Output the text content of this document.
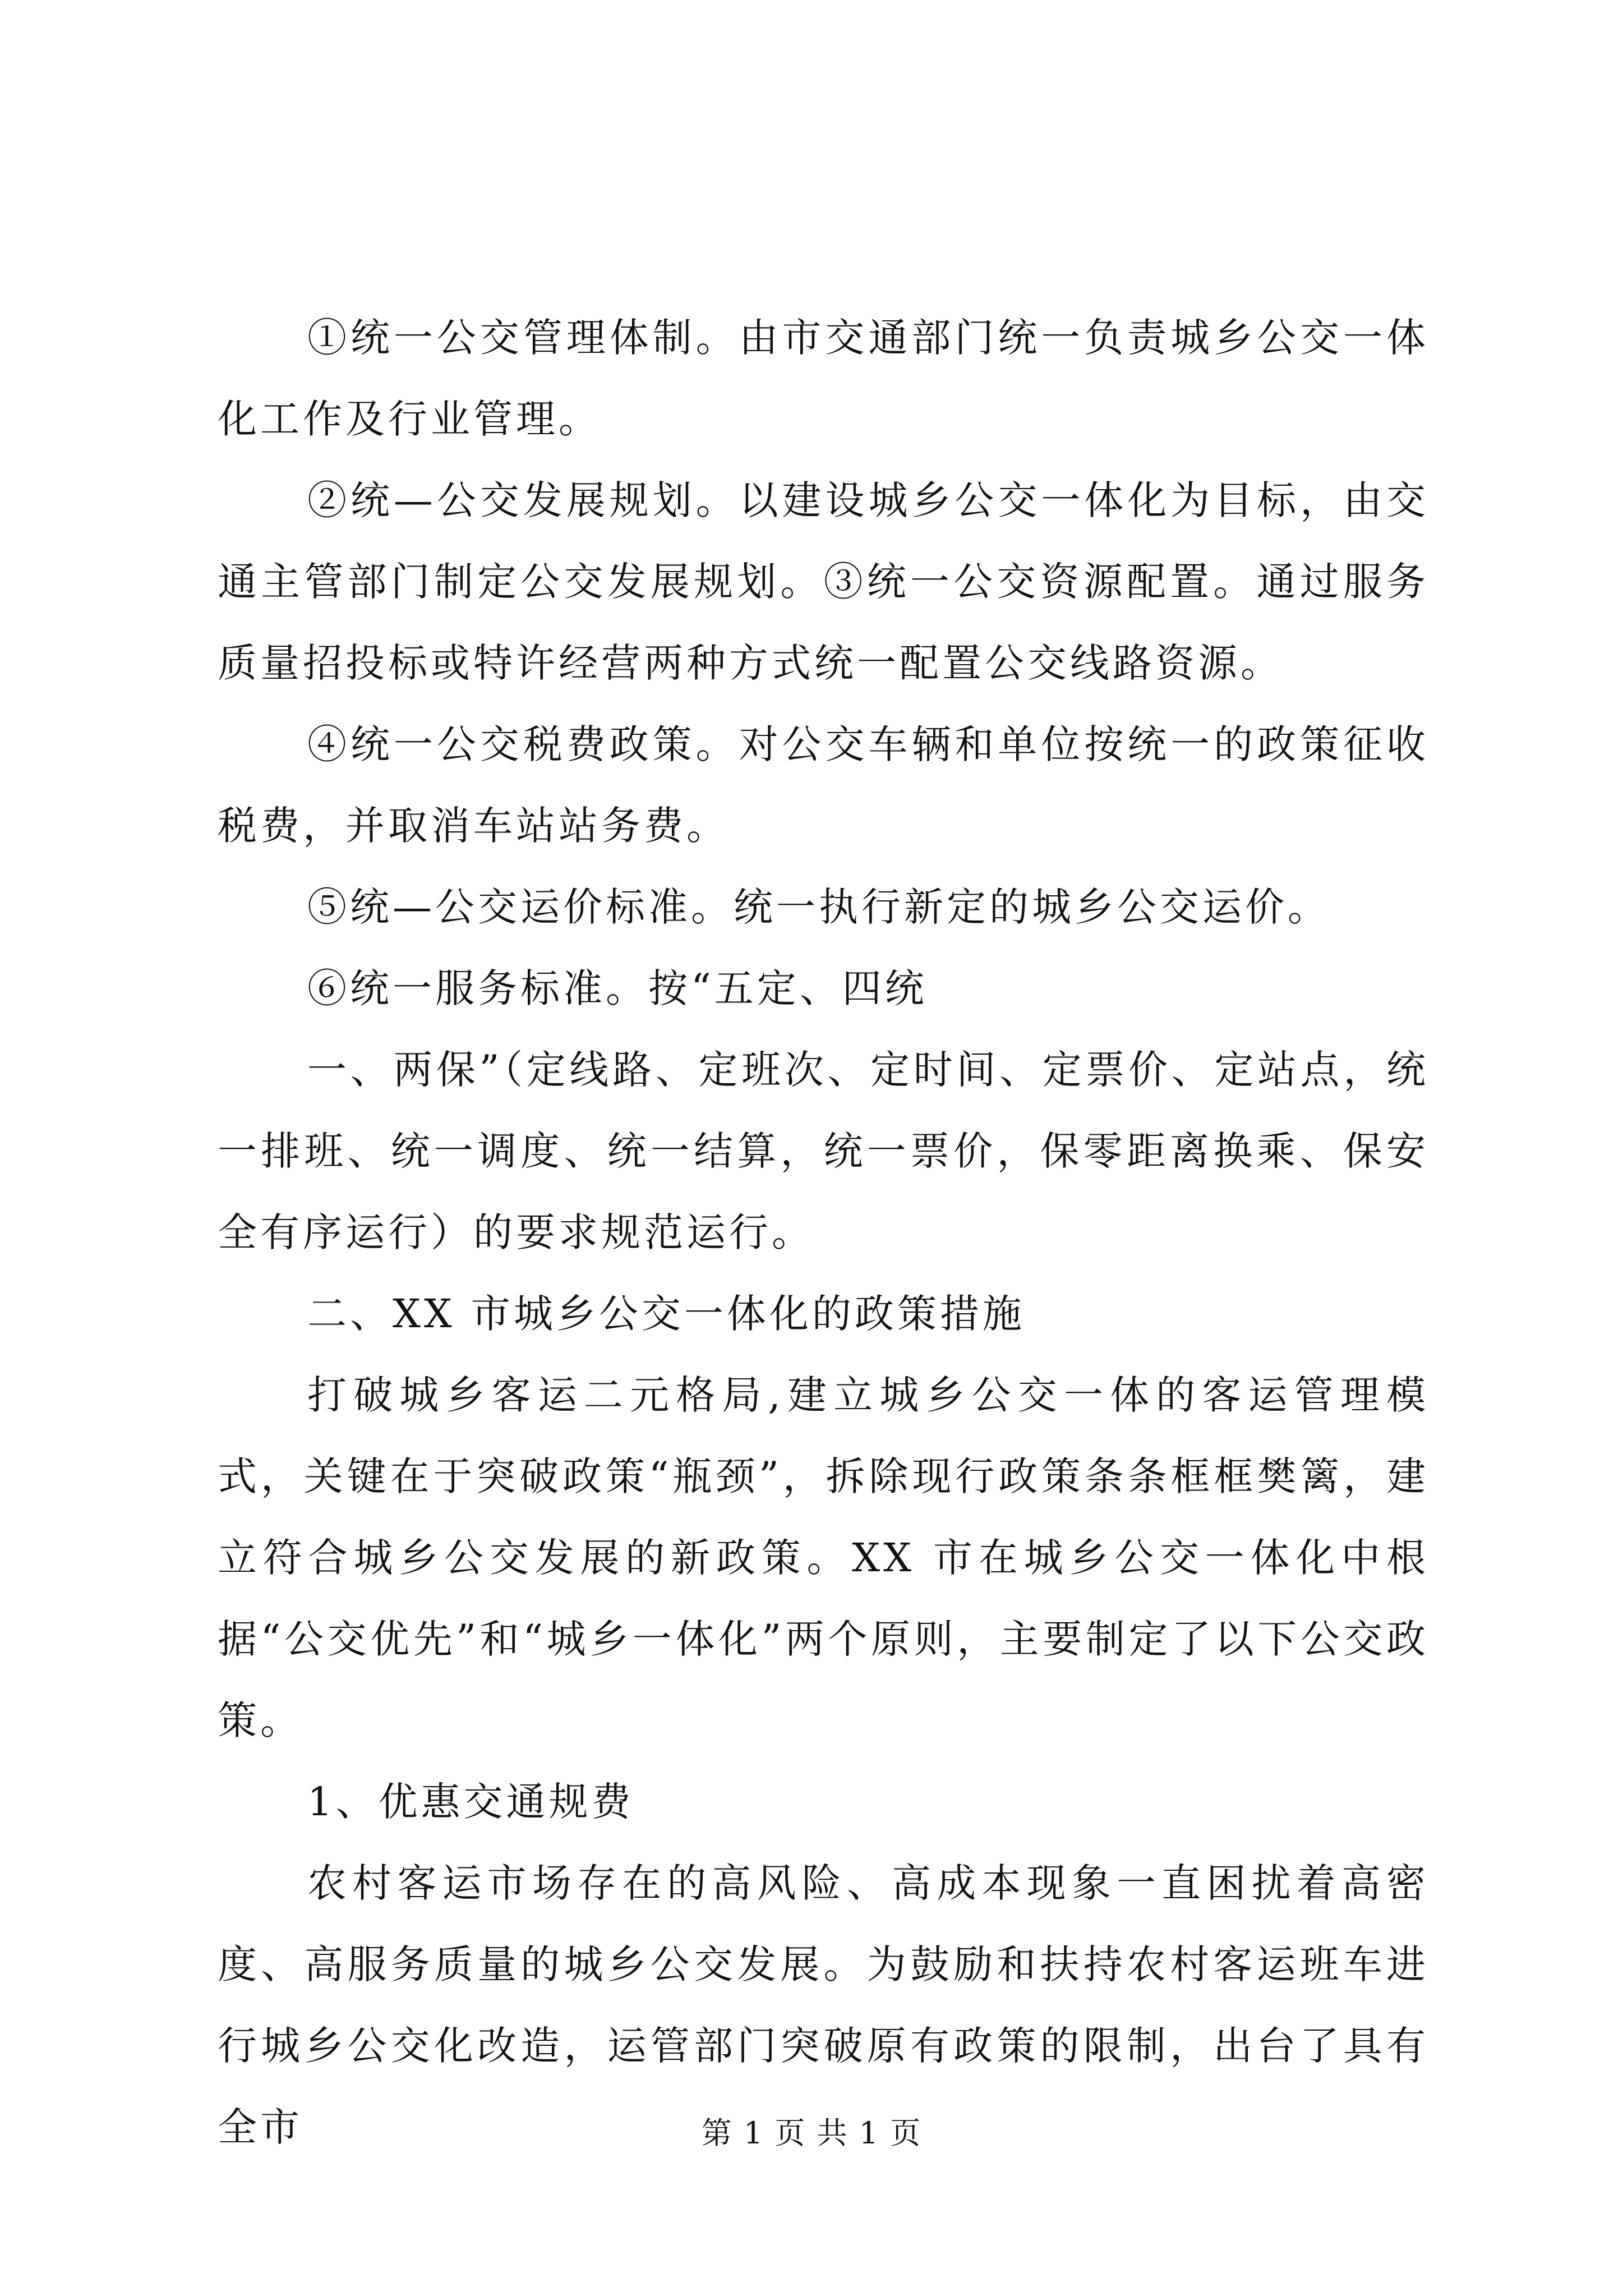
①统一公交管理体制。由市交通部门统一负责城乡公交一体化工作及行业管理。

②统—公交发展规划。以建设城乡公交一体化为目标，由交通主管部门制定公交发展规划。③统一公交资源配置。通过服务质量招投标或特许经营两种方式统一配置公交线路资源。

④统一公交税费政策。对公交车辆和单位按统一的政策征收税费，并取消车站站务费。

⑤统—公交运价标准。统一执行新定的城乡公交运价。

⑥统一服务标准。按“五定、四统

一、两保”（定线路、定班次、定时间、定票价、定站点，统一排班、统一调度、统一结算，统一票价，保零距离换乘、保安全有序运行）的要求规范运行。

二、XX 市城乡公交一体化的政策措施

打破城乡客运二元格局,建立城乡公交一体的客运管理模式，关键在于突破政策“瓶颈”，拆除现行政策条条框框樊篱，建立符合城乡公交发展的新政策。XX 市在城乡公交一体化中根据“公交优先”和“城乡一体化”两个原则，主要制定了以下公交政策。

1、优惠交通规费

农村客运市场存在的高风险、高成本现象一直困扰着高密度、高服务质量的城乡公交发展。为鼓励和扶持农村客运班车进行城乡公交化改造，运管部门突破原有政策的限制，出台了具有全市	第 1 页 共 1 页
